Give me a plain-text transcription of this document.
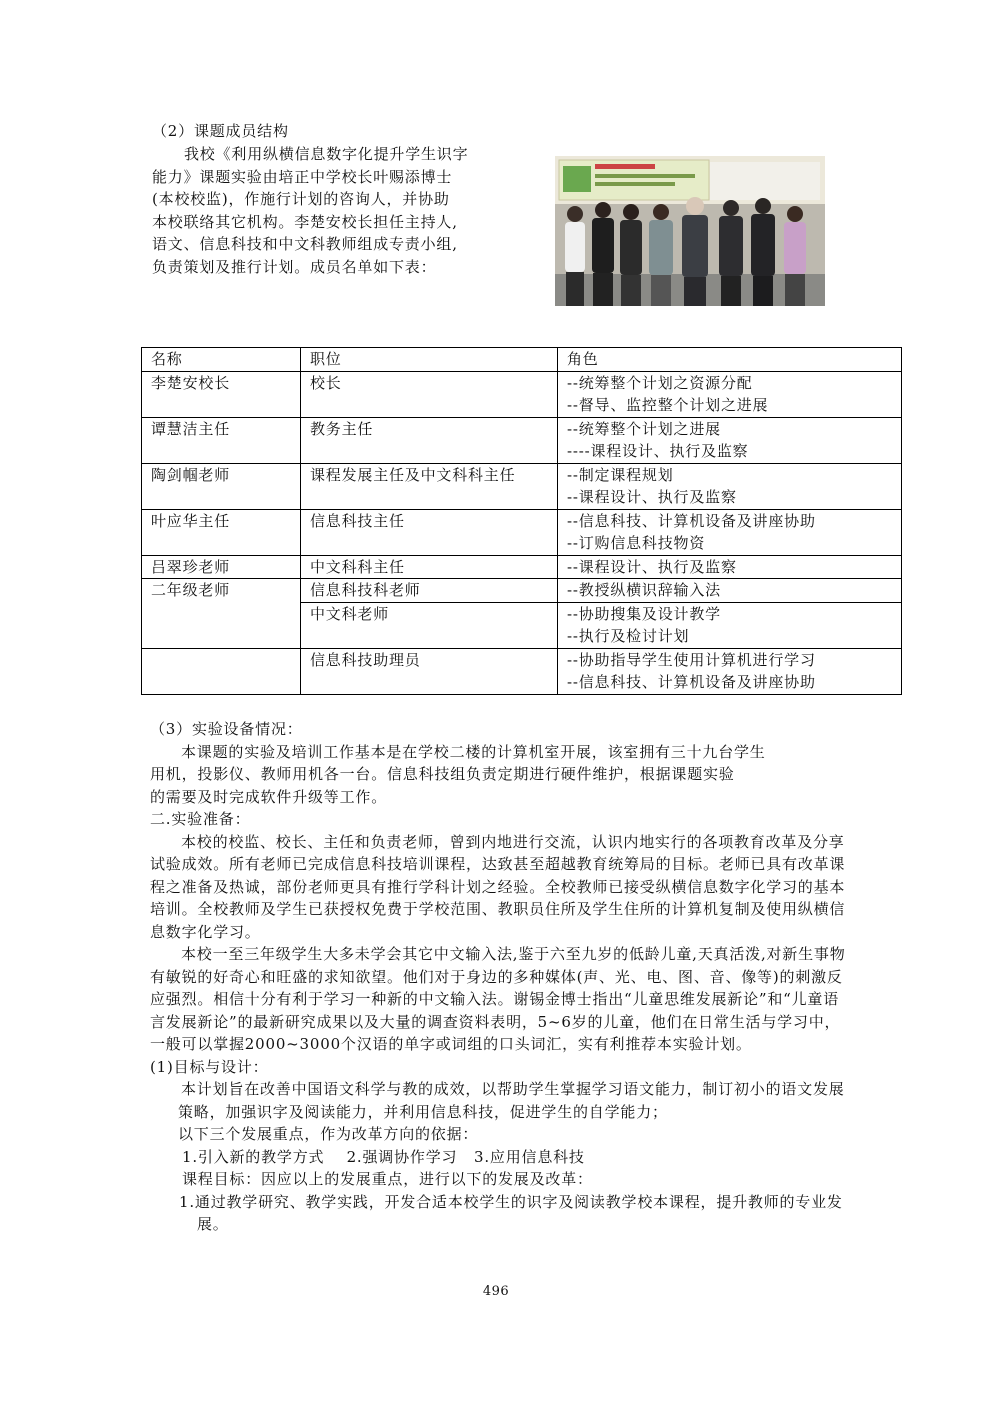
（2）课题成员结构

我校《利用纵横信息数字化提升学生识字

能力》课题实验由培正中学校长叶赐添博士

(本校校监)，作施行计划的咨询人，并协助

本校联络其它机构。李楚安校长担任主持人,

语文、信息科技和中文科教师组成专责小组,

负责策划及推行计划。成员名单如下表：

名称	职位	角色
李楚安校长	校长	--统筹整个计划之资源分配
--督导、监控整个计划之进展

谭慧洁主任	教务主任	--统筹整个计划之进展
----课程设计、执行及监察

陶剑帼老师	课程发展主任及中文科科主任	--制定课程规划
--课程设计、执行及监察

叶应华主任	信息科技主任	--信息科技、计算机设备及讲座协助
--订购信息科技物资

吕翠珍老师	中文科科主任	--课程设计、执行及监察

二年级老师	信息科技科老师	--教授纵横识辞输入法

	中文科老师	--协助搜集及设计教学
--执行及检讨计划

	信息科技助理员	--协助指导学生使用计算机进行学习
--信息科技、计算机设备及讲座协助

（3）实验设备情况：

本课题的实验及培训工作基本是在学校二楼的计算机室开展，该室拥有三十九台学生

用机，投影仪、教师用机各一台。信息科技组负责定期进行硬件维护，根据课题实验

的需要及时完成软件升级等工作。

二.实验准备：

本校的校监、校长、主任和负责老师，曾到内地进行交流，认识内地实行的各项教育改革及分享试验成效。所有老师已完成信息科技培训课程，达致甚至超越教育统筹局的目标。老师已具有改革课程之准备及热诚，部份老师更具有推行学科计划之经验。全校教师已接受纵横信息数字化学习的基本培训。全校教师及学生已获授权免费于学校范围、教职员住所及学生住所的计算机复制及使用纵横信息数字化学习。

本校一至三年级学生大多未学会其它中文输入法,鉴于六至九岁的低龄儿童,天真活泼,对新生事物有敏锐的好奇心和旺盛的求知欲望。他们对于身边的多种媒体(声、光、电、图、音、像等)的刺激反应强烈。相信十分有利于学习一种新的中文输入法。谢锡金博士指出“儿童思维发展新论”和“儿童语言发展新论”的最新研究成果以及大量的调查资料表明，5~6岁的儿童，他们在日常生活与学习中，一般可以掌握2000~3000个汉语的单字或词组的口头词汇，实有利推荐本实验计划。

(1)目标与设计：

本计划旨在改善中国语文科学与教的成效，以帮助学生掌握学习语文能力，制订初小的语文发展策略，加强识字及阅读能力，并利用信息科技，促进学生的自学能力；

以下三个发展重点，作为改革方向的依据：

1.引入新的教学方式    2.强调协作学习   3.应用信息科技

课程目标：因应以上的发展重点，进行以下的发展及改革：

1.通过教学研究、教学实践，开发合适本校学生的识字及阅读教学校本课程，提升教师的专业发展。

496
